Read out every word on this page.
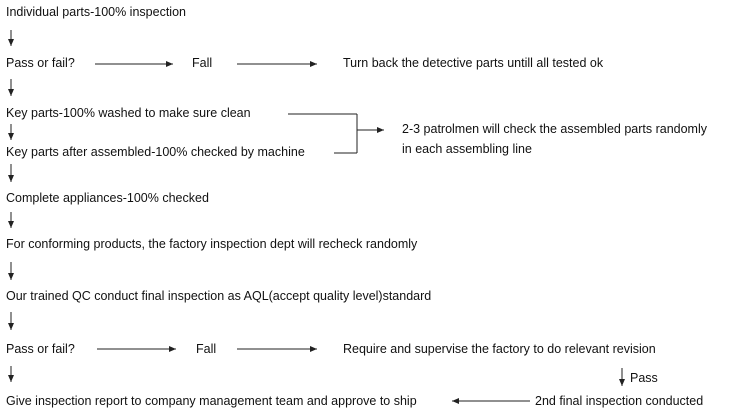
Individual parts-100% inspection
Pass or fail?	Fall	Turn back the detective parts untill all tested ok
Key parts-100% washed to make sure clean
Key parts after assembled-100% checked by machine
2-3 patrolmen will check the assembled parts randomly
in each assembling line
Complete appliances-100% checked
For conforming products, the factory inspection dept will recheck randomly
Our trained QC conduct final inspection as AQL(accept quality level)standard
Pass or fail?	Fall	Require and supervise the factory to do relevant revision
Pass
Give inspection report to company management team and approve to ship	2nd final inspection conducted
